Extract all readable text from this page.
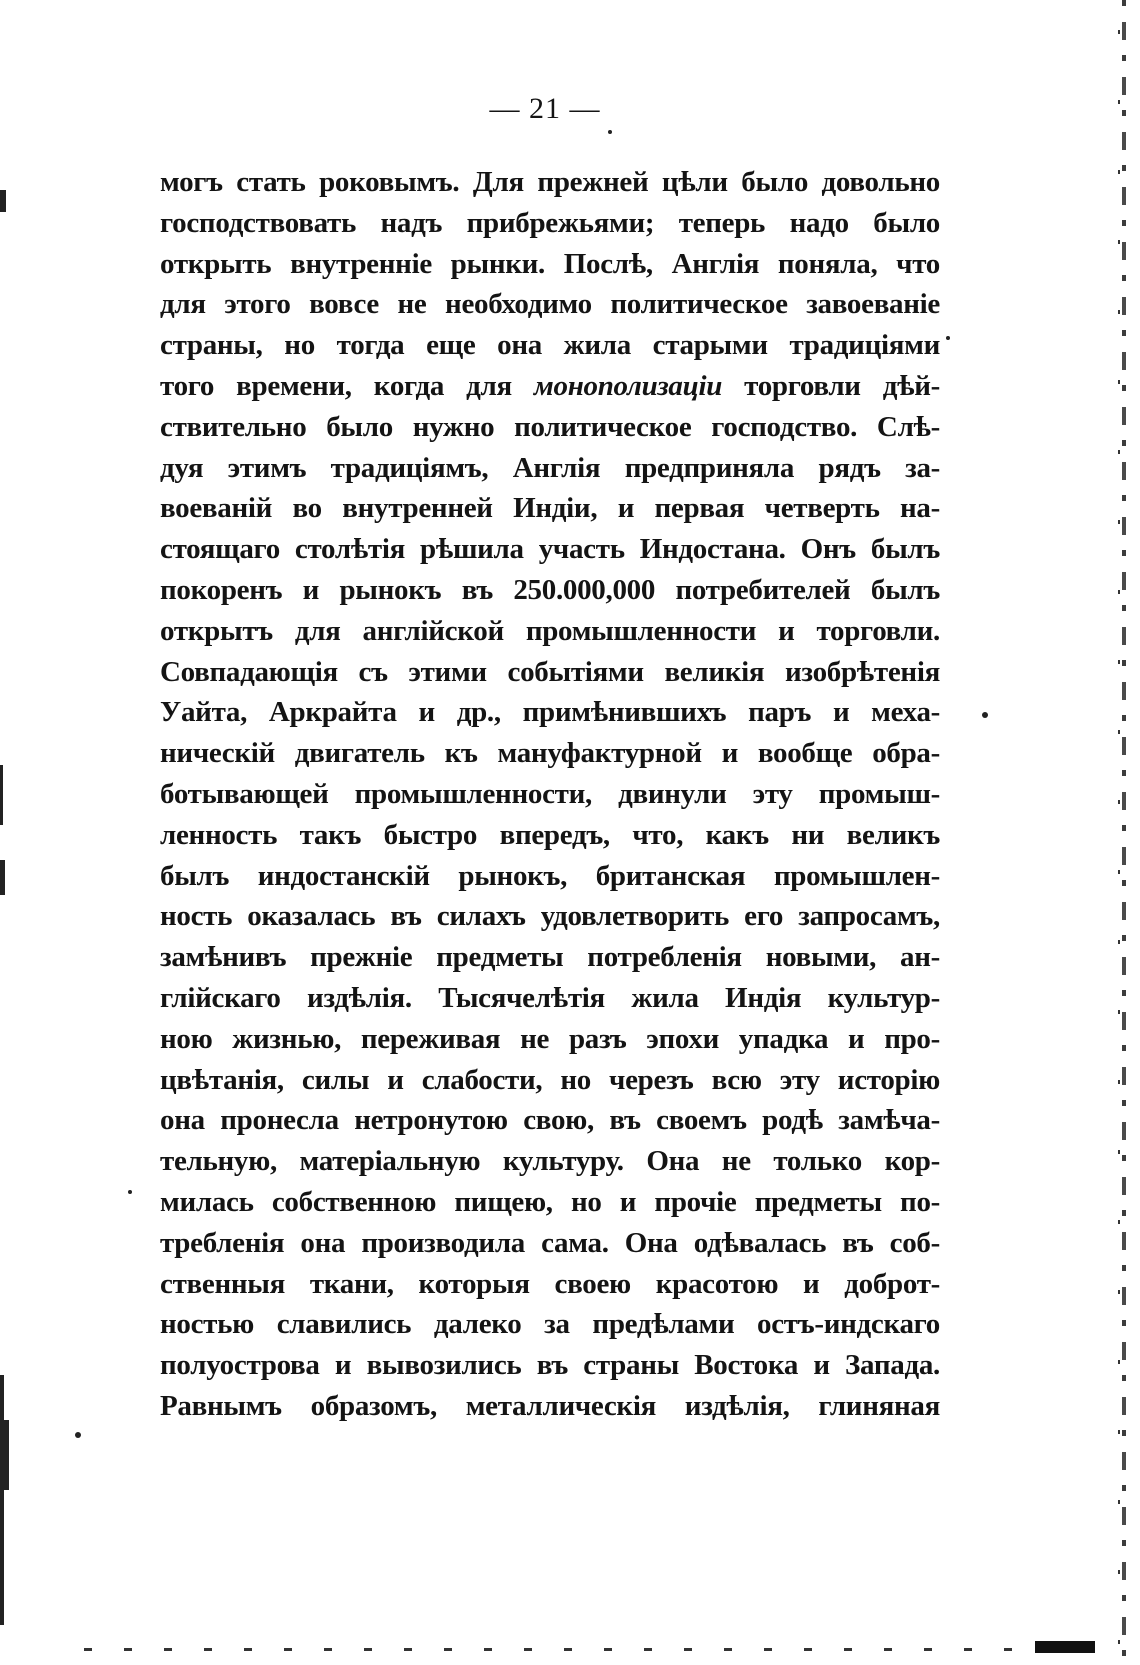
— 21 —
могъ стать роковымъ. Для прежней цѣли было довольно
господствовать надъ прибрежьями; теперь надо было
открыть внутренніе рынки. Послѣ, Англія поняла, что
для этого вовсе не необходимо политическое завоеваніе
страны, но тогда еще она жила старыми традиціями
того времени, когда для монополизаціи торговли дѣй-
ствительно было нужно политическое господство. Слѣ-
дуя этимъ традиціямъ, Англія предприняла рядъ за-
воеваній во внутренней Индіи, и первая четверть на-
стоящаго столѣтія рѣшила участь Индостана. Онъ былъ
покоренъ и рынокъ въ 250.000,000 потребителей былъ
открытъ для англійской промышленности и торговли.
Совпадающія съ этими событіями великія изобрѣтенія
Уайта, Аркрайта и др., примѣнившихъ паръ и меха-
ническій двигатель къ мануфактурной и вообще обра-
ботывающей промышленности, двинули эту промыш-
ленность такъ быстро впередъ, что, какъ ни великъ
былъ индостанскій рынокъ, британская промышлен-
ность оказалась въ силахъ удовлетворить его запросамъ,
замѣнивъ прежніе предметы потребленія новыми, ан-
глійскаго издѣлія. Тысячелѣтія жила Индія культур-
ною жизнью, переживая не разъ эпохи упадка и про-
цвѣтанія, силы и слабости, но черезъ всю эту исторію
она пронесла нетронутою свою, въ своемъ родѣ замѣча-
тельную, матеріальную культуру. Она не только кор-
милась собственною пищею, но и прочіе предметы по-
требленія она производила сама. Она одѣвалась въ соб-
ственныя ткани, которыя своею красотою и доброт-
ностью славились далеко за предѣлами остъ-индскаго
полуострова и вывозились въ страны Востока и Запада.
Равнымъ образомъ, металлическія издѣлія, глиняная
